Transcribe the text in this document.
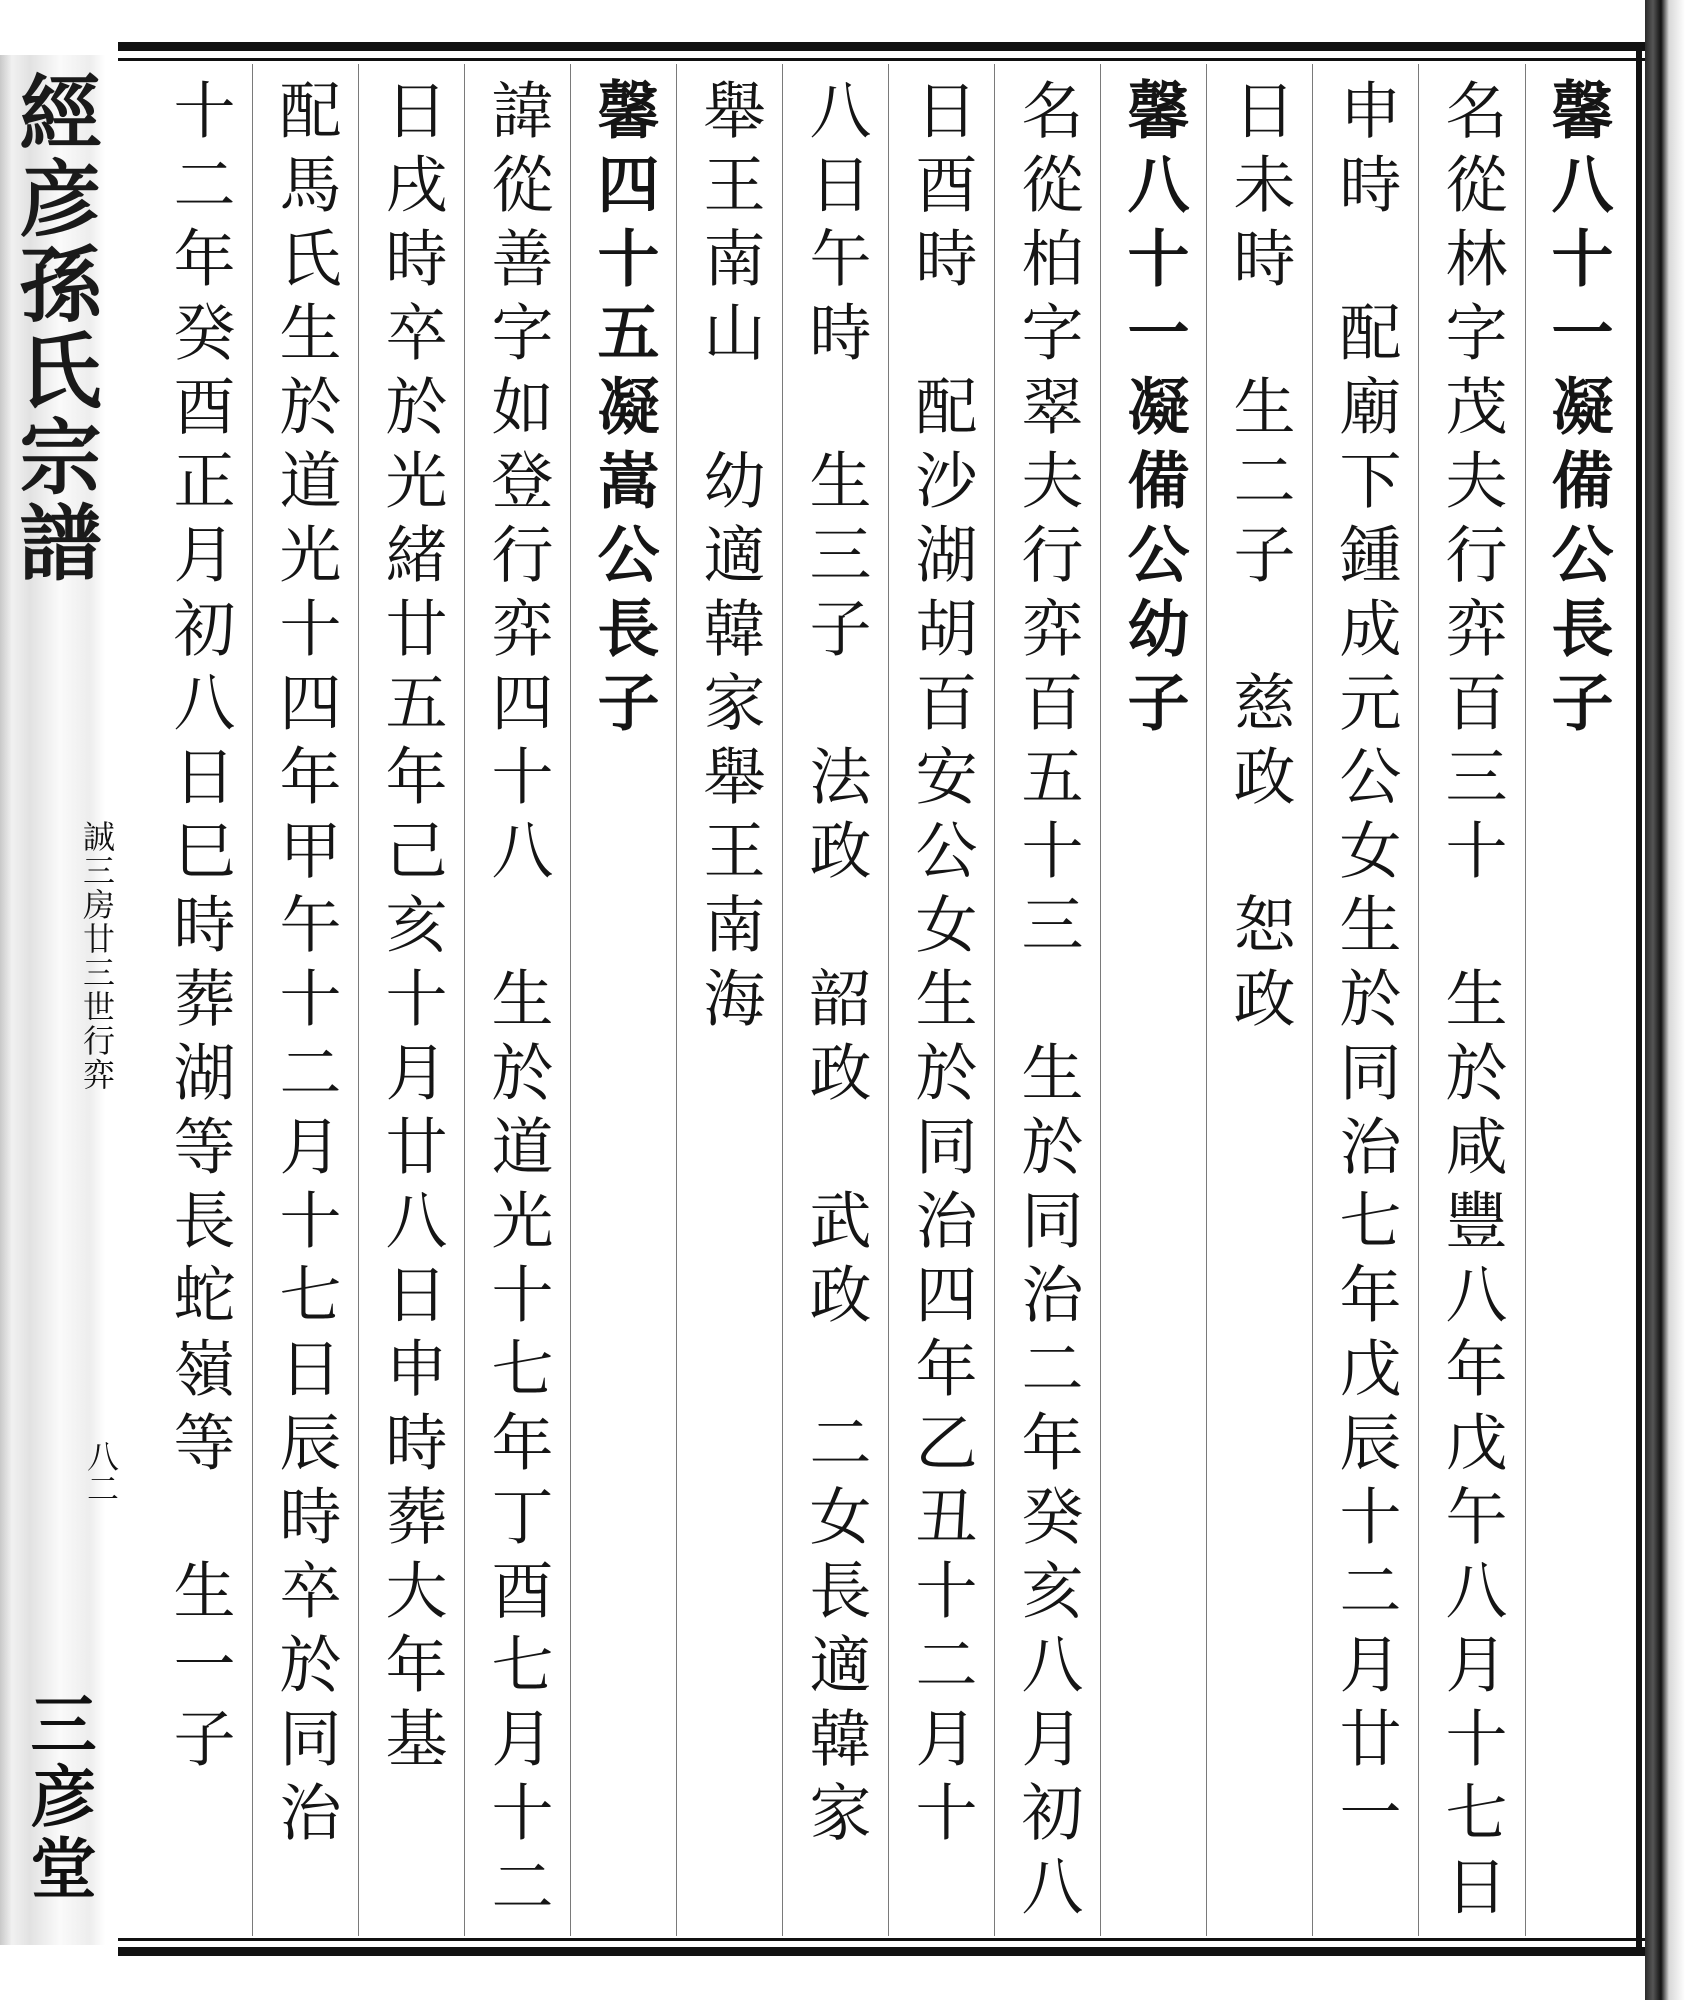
經彦孫氏宗譜
誠三房廿三世行弈
八二
三彦堂
馨八十一凝備公長子
名從林字茂夫行弈百三十　生於咸豐八年戊午八月十七日
申時　配廟下鍾成元公女生於同治七年戊辰十二月廿一
日未時　生二子　慈政　恕政
馨八十一凝備公幼子
名從柏字翠夫行弈百五十三　生於同治二年癸亥八月初八
日酉時　配沙湖胡百安公女生於同治四年乙丑十二月十
八日午時　生三子　法政　韶政　武政　二女長適韓家
舉王南山　幼適韓家舉王南海
馨四十五凝嵩公長子
諱從善字如登行弈四十八　生於道光十七年丁酉七月十二
日戌時卒於光緒廿五年己亥十月廿八日申時葬大年基
配馬氏生於道光十四年甲午十二月十七日辰時卒於同治
十二年癸酉正月初八日巳時葬湖等長蛇嶺等　生一子
